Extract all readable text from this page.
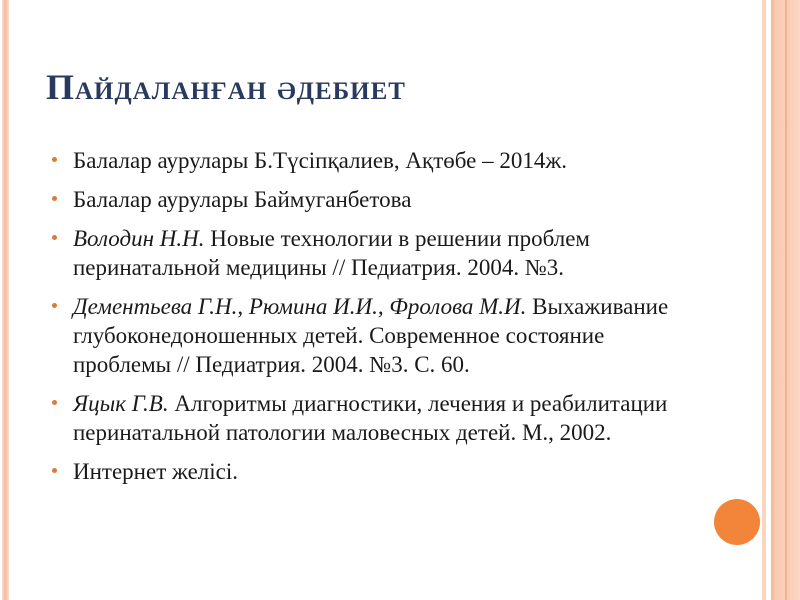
Пайдаланған әдебиет
Балалар аурулары Б.Түсіпқалиев, Ақтөбе – 2014ж.
Балалар аурулары Баймуганбетова
Володин Н.Н. Новые технологии в решении проблем перинатальной медицины // Педиатрия. 2004. №3.
Дементьева Г.Н., Рюмина И.И., Фролова М.И. Выхаживание глубоконедоношенных детей. Современное состояние проблемы // Педиатрия. 2004. №3. С. 60.
Яцык Г.В. Алгоритмы диагностики, лечения и реабилитации перинатальной патологии маловесных детей. М., 2002.
Интернет желісі.
